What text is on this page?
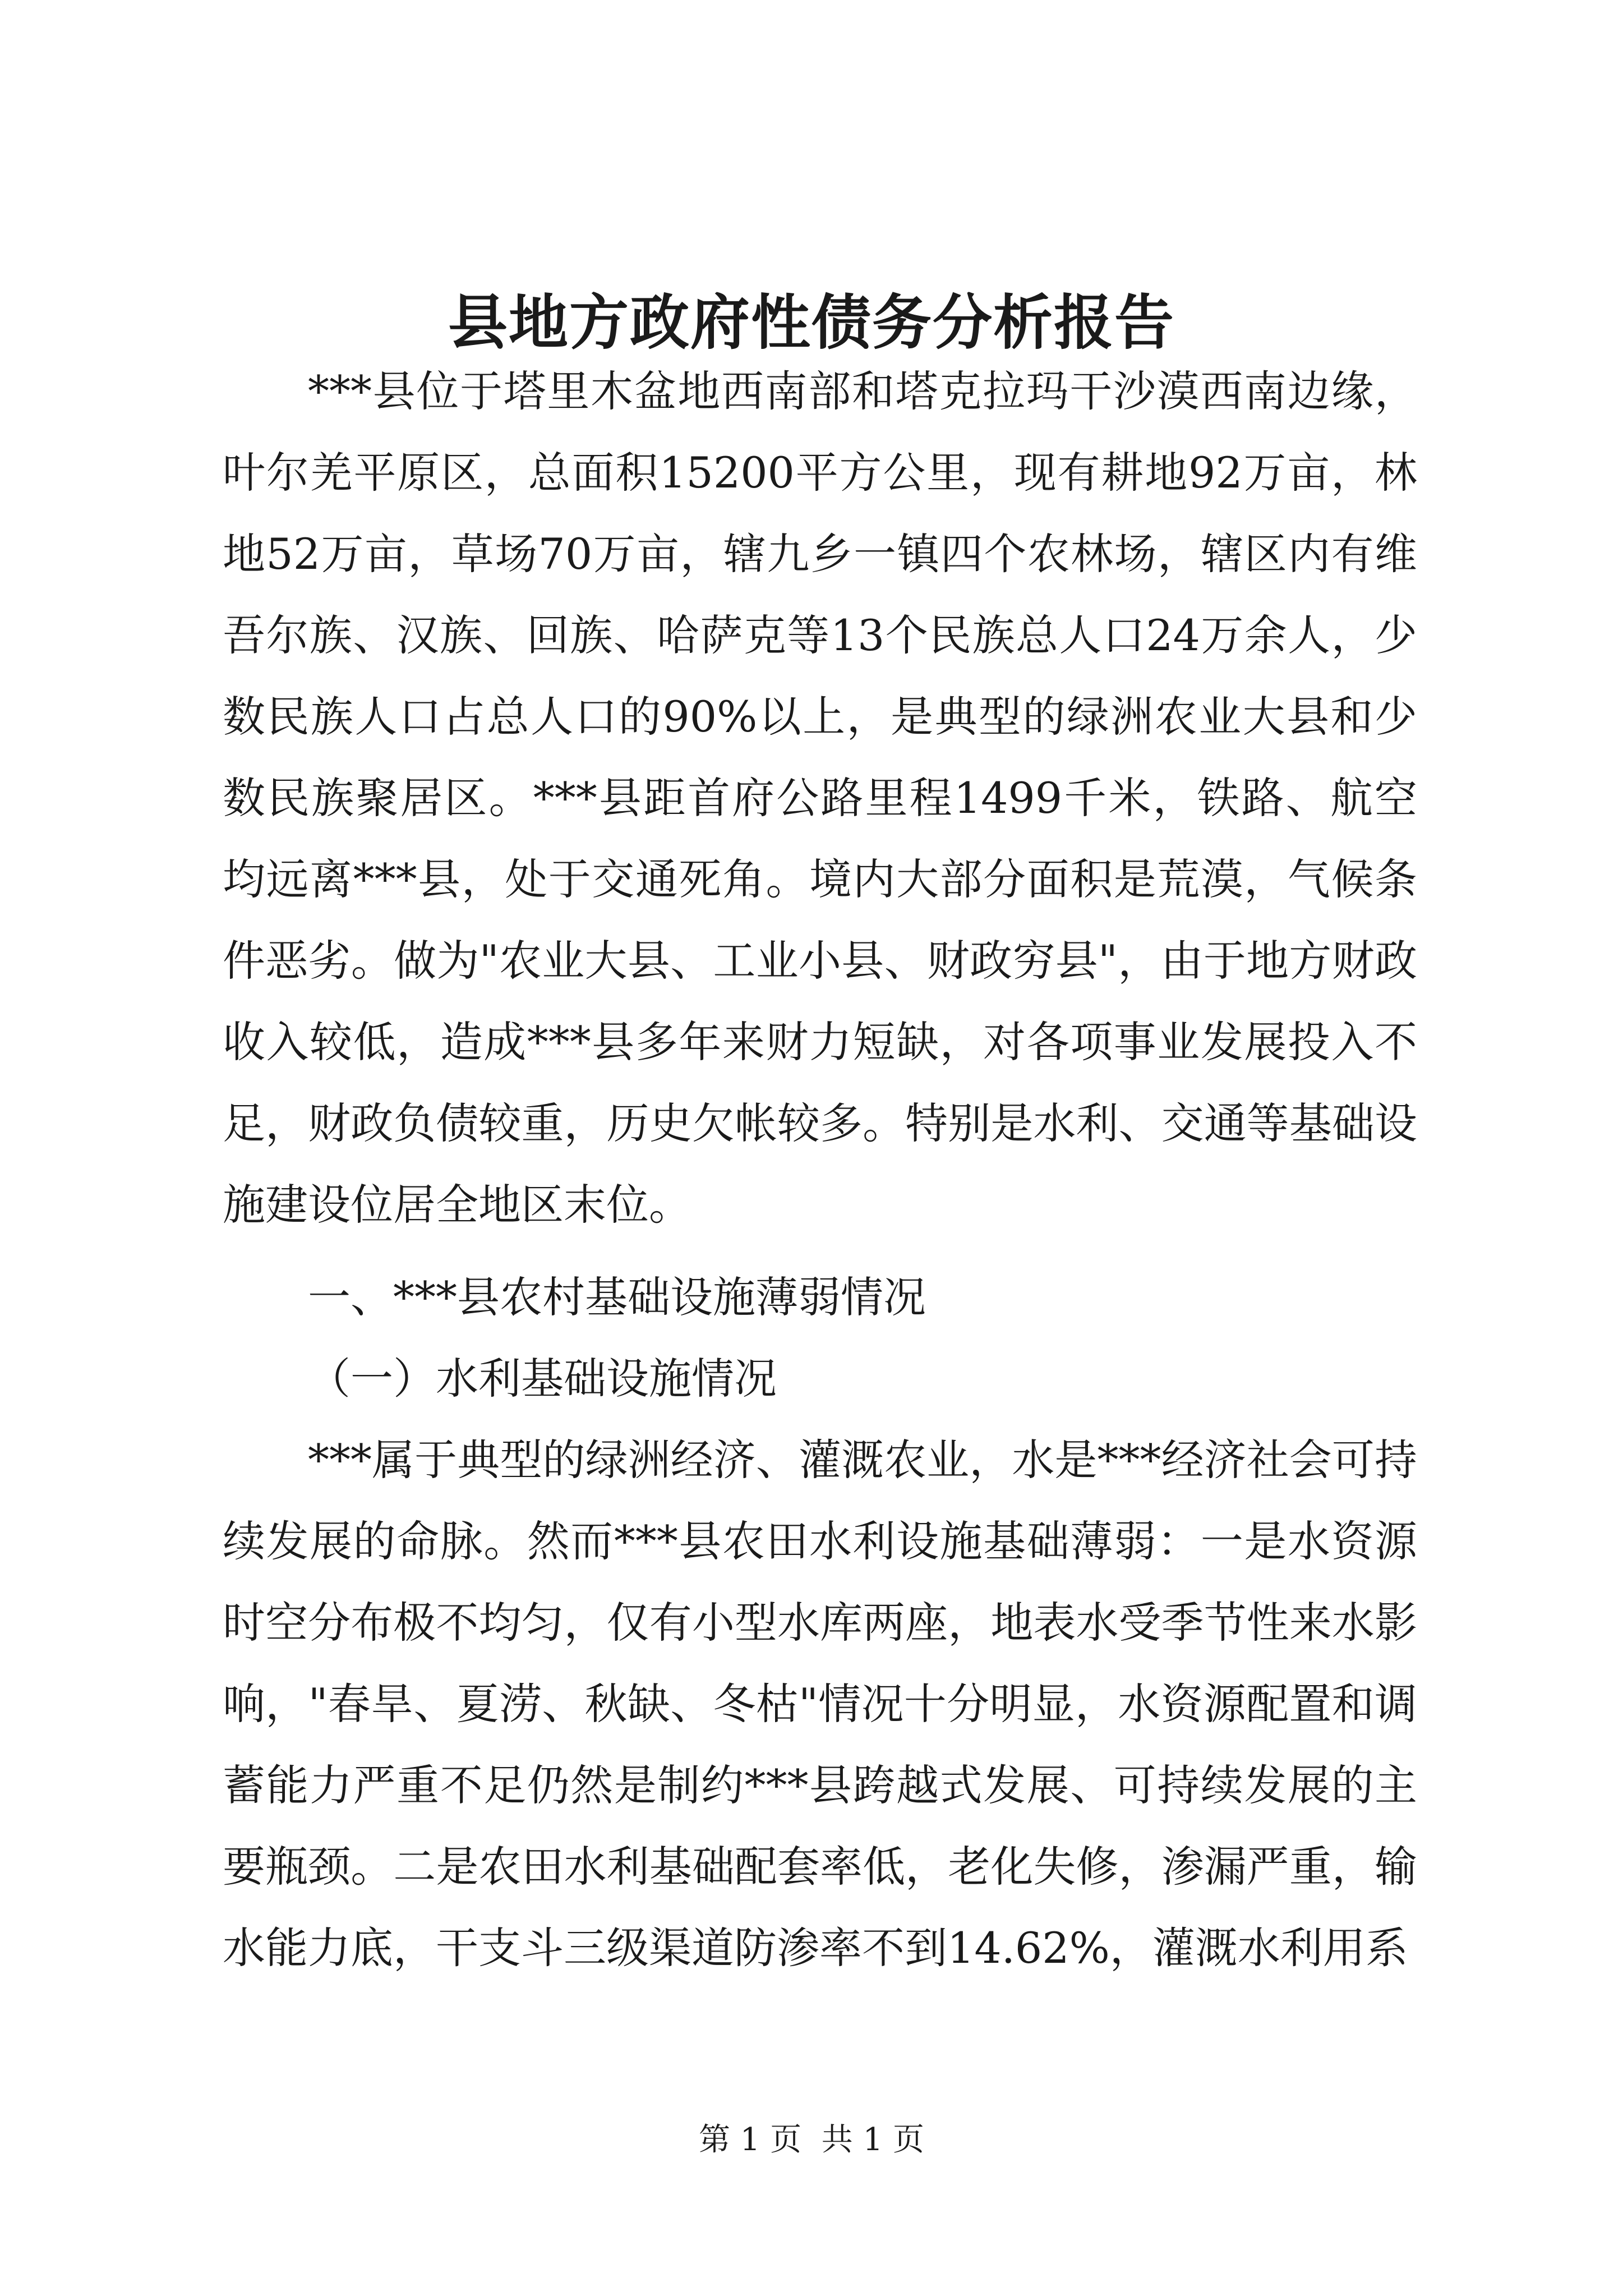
县地方政府性债务分析报告

***县位于塔里木盆地西南部和塔克拉玛干沙漠西南边缘，叶尔羌平原区，总面积15200平方公里，现有耕地92万亩，林地52万亩，草场70万亩，辖九乡一镇四个农林场，辖区内有维吾尔族、汉族、回族、哈萨克等13个民族总人口24万余人，少数民族人口占总人口的90%以上，是典型的绿洲农业大县和少数民族聚居区。***县距首府公路里程1499千米，铁路、航空均远离***县，处于交通死角。境内大部分面积是荒漠，气候条件恶劣。做为"农业大县、工业小县、财政穷县"，由于地方财政收入较低，造成***县多年来财力短缺，对各项事业发展投入不足，财政负债较重，历史欠帐较多。特别是水利、交通等基础设施建设位居全地区末位。

一、***县农村基础设施薄弱情况

（一）水利基础设施情况

***属于典型的绿洲经济、灌溉农业，水是***经济社会可持续发展的命脉。然而***县农田水利设施基础薄弱：一是水资源时空分布极不均匀，仅有小型水库两座，地表水受季节性来水影响，"春旱、夏涝、秋缺、冬枯"情况十分明显，水资源配置和调蓄能力严重不足仍然是制约***县跨越式发展、可持续发展的主要瓶颈。二是农田水利基础配套率低，老化失修，渗漏严重，输水能力底，干支斗三级渠道防渗率不到14.62%，灌溉水利用系

第 1 页  共 1 页
